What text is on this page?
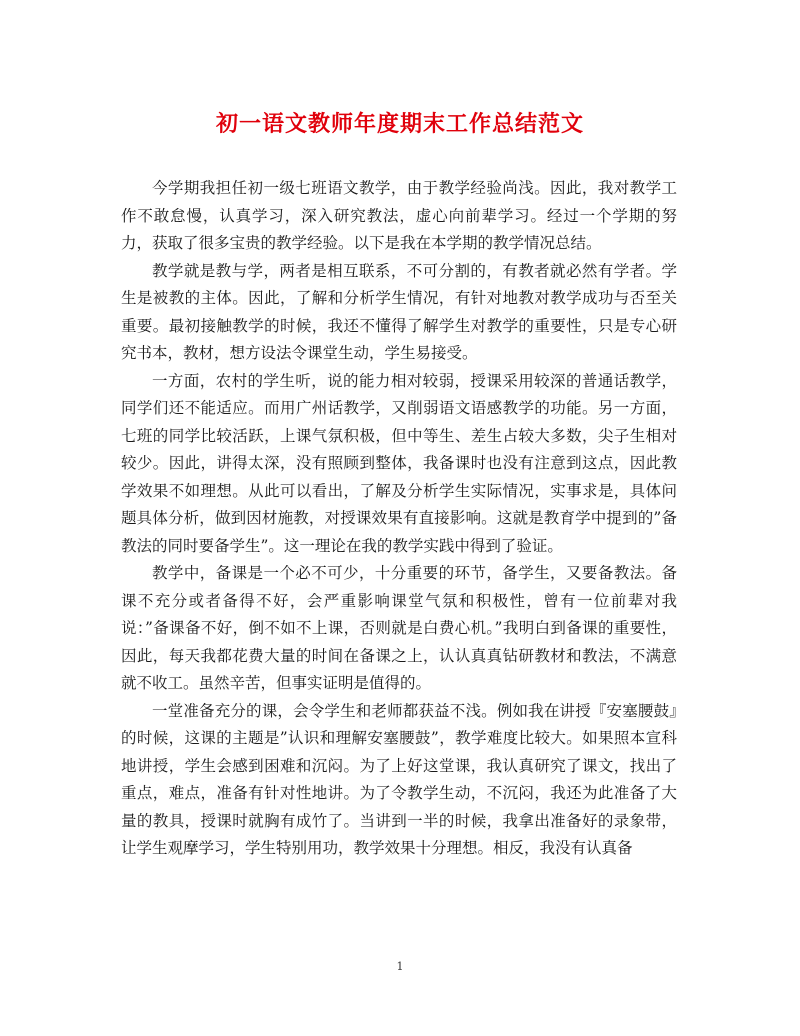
初一语文教师年度期末工作总结范文

今学期我担任初一级七班语文教学，由于教学经验尚浅。因此，我对教学工作不敢怠慢，认真学习，深入研究教法，虚心向前辈学习。经过一个学期的努力，获取了很多宝贵的教学经验。以下是我在本学期的教学情况总结。

教学就是教与学，两者是相互联系，不可分割的，有教者就必然有学者。学生是被教的主体。因此，了解和分析学生情况，有针对地教对教学成功与否至关重要。最初接触教学的时候，我还不懂得了解学生对教学的重要性，只是专心研究书本，教材，想方设法令课堂生动，学生易接受。

一方面，农村的学生听，说的能力相对较弱，授课采用较深的普通话教学，同学们还不能适应。而用广州话教学，又削弱语文语感教学的功能。另一方面，七班的同学比较活跃，上课气氛积极，但中等生、差生占较大多数，尖子生相对较少。因此，讲得太深，没有照顾到整体，我备课时也没有注意到这点，因此教学效果不如理想。从此可以看出，了解及分析学生实际情况，实事求是，具体问题具体分析，做到因材施教，对授课效果有直接影响。这就是教育学中提到的”备教法的同时要备学生”。这一理论在我的教学实践中得到了验证。

教学中，备课是一个必不可少，十分重要的环节，备学生，又要备教法。备课不充分或者备得不好，会严重影响课堂气氛和积极性，曾有一位前辈对我说：”备课备不好，倒不如不上课，否则就是白费心机。”我明白到备课的重要性，因此，每天我都花费大量的时间在备课之上，认认真真钻研教材和教法，不满意就不收工。虽然辛苦，但事实证明是值得的。

一堂准备充分的课，会令学生和老师都获益不浅。例如我在讲授『安塞腰鼓』的时候，这课的主题是”认识和理解安塞腰鼓”，教学难度比较大。如果照本宣科地讲授，学生会感到困难和沉闷。为了上好这堂课，我认真研究了课文，找出了重点，难点，准备有针对性地讲。为了令教学生动，不沉闷，我还为此准备了大量的教具，授课时就胸有成竹了。当讲到一半的时候，我拿出准备好的录象带，让学生观摩学习，学生特别用功，教学效果十分理想。相反，我没有认真备

1
